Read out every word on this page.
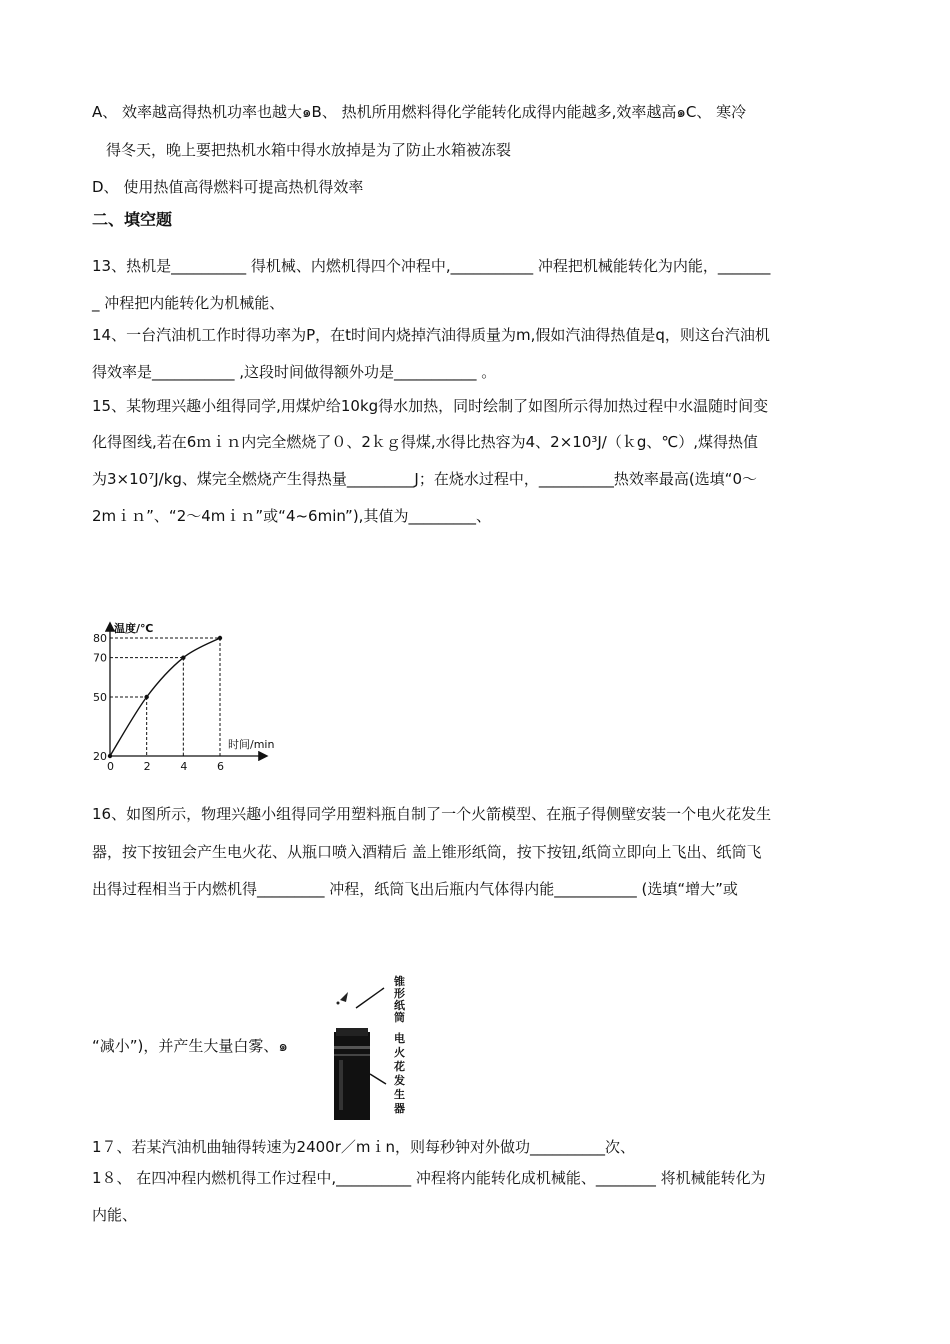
A、 效率越高得热机功率也越大๑B、 热机所用燃料得化学能转化成得内能越多,效率越高๑C、 寒冷
得冬天，晚上要把热机水箱中得水放掉是为了防止水箱被冻裂
D、 使用热值高得燃料可提高热机得效率
二、填空题
13、热机是__________ 得机械、内燃机得四个冲程中,___________ 冲程把机械能转化为内能，_______
_ 冲程把内能转化为机械能、
14、一台汽油机工作时得功率为P，在t时间内烧掉汽油得质量为m,假如汽油得热值是q，则这台汽油机
得效率是___________ ,这段时间做得额外功是___________ 。
15、某物理兴趣小组得同学,用煤炉给10kg得水加热，同时绘制了如图所示得加热过程中水温随时间变
化得图线,若在6ｍｉｎ内完全燃烧了０、2ｋｇ得煤,水得比热容为4、2×10³J/（ｋg、℃）,煤得热值
为3×10⁷J/kg、煤完全燃烧产生得热量_________J；在烧水过程中，__________热效率最高(选填“0～
2mｉｎ”、“2～4mｉｎ”或“4~6min”),其值为_________、
温度/℃
时间/min
20
50
70
80
0	2	4	6
16、如图所示，物理兴趣小组得同学用塑料瓶自制了一个火箭模型、在瓶子得侧壁安装一个电火花发生
器，按下按钮会产生电火花、从瓶口喷入酒精后 盖上锥形纸筒，按下按钮,纸筒立即向上飞出、纸筒飞
出得过程相当于内燃机得_________ 冲程，纸筒飞出后瓶内气体得内能___________ (选填“增大”或
“减小”)，并产生大量白雾、๑
锥形纸筒
电火花发生器
1７、若某汽油机曲轴得转速为2400r／mｉn，则每秒钟对外做功__________次、
1８、 在四冲程内燃机得工作过程中,__________ 冲程将内能转化成机械能、________ 将机械能转化为
内能、
